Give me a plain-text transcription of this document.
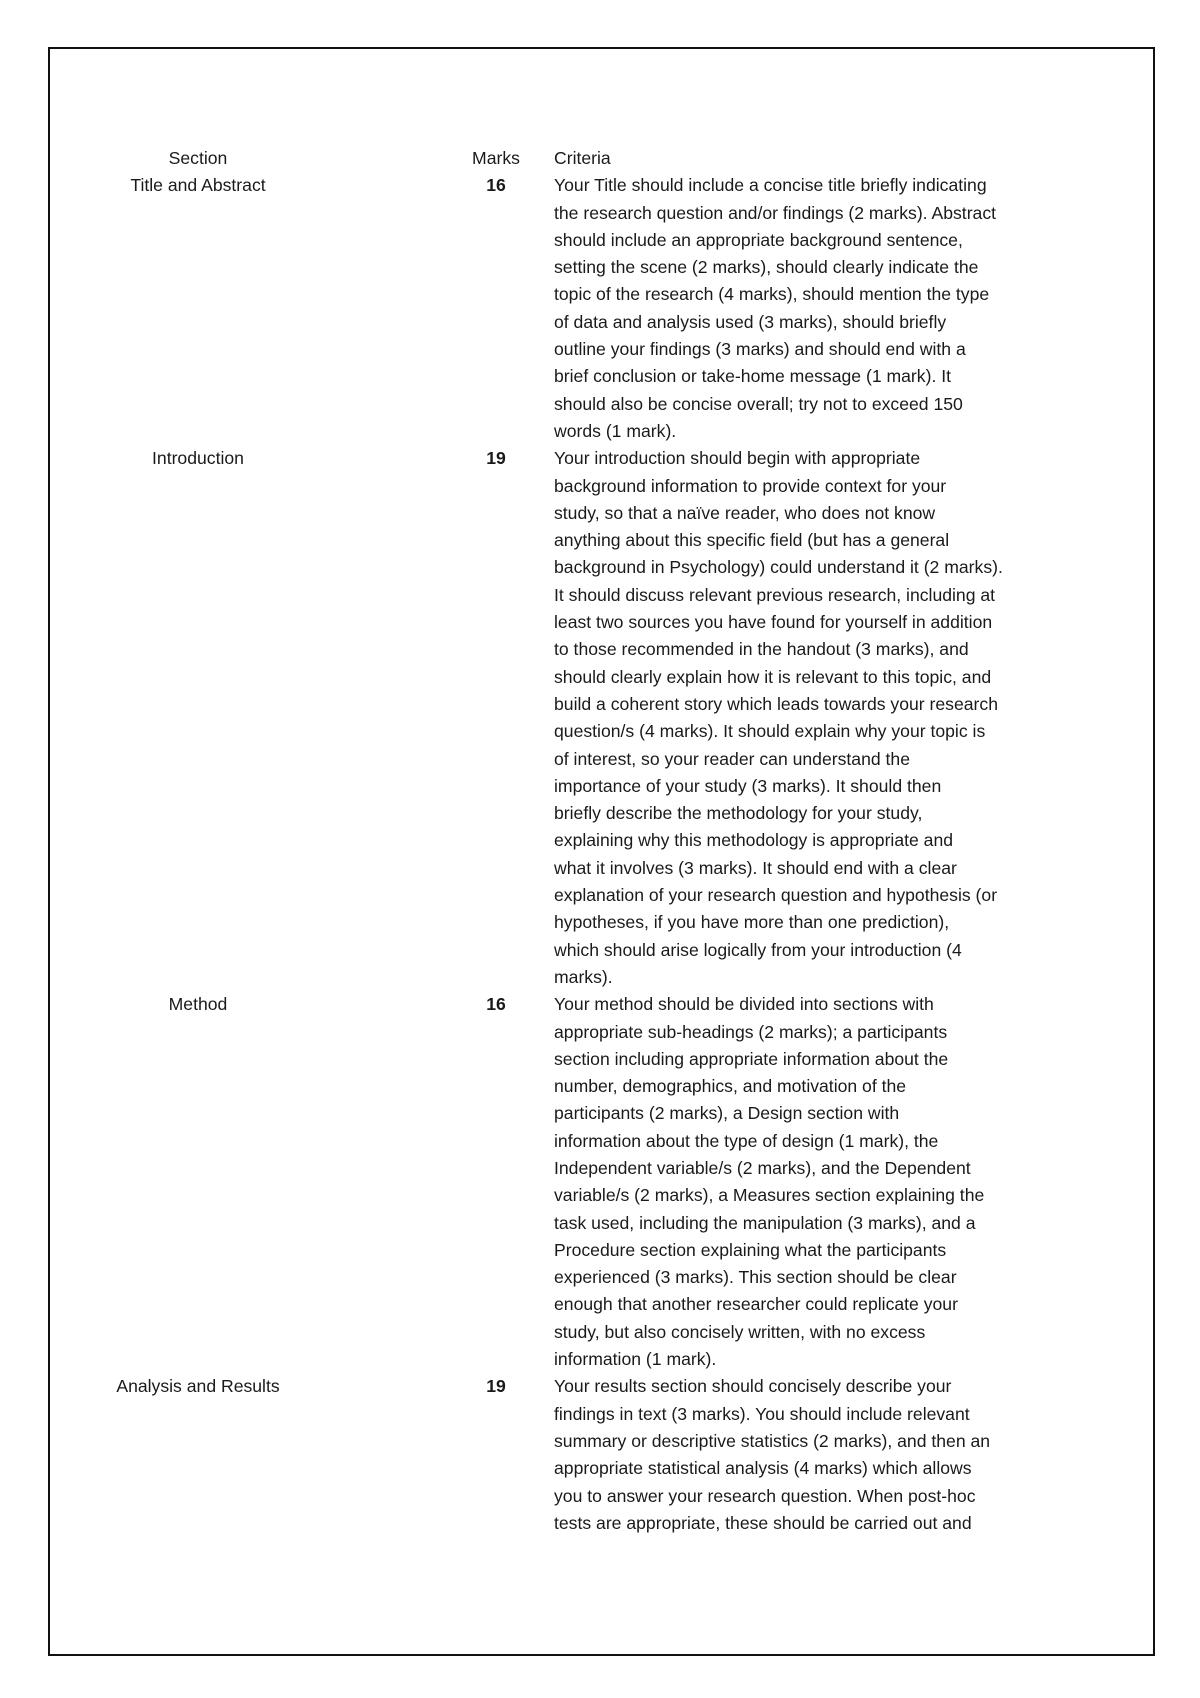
Section	Marks	Criteria
Title and Abstract	16	Your Title should include a concise title briefly indicating

the research question and/or findings (2 marks). Abstract

should include an appropriate background sentence,

setting the scene (2 marks), should clearly indicate the

topic of the research (4 marks), should mention the type

of data and analysis used (3 marks), should briefly

outline your findings (3 marks) and should end with a

brief conclusion or take-home message (1 mark). It

should also be concise overall; try not to exceed 150

words (1 mark).

Introduction	19	Your introduction should begin with appropriate

background information to provide context for your

study, so that a naïve reader, who does not know

anything about this specific field (but has a general

background in Psychology) could understand it (2 marks).

It should discuss relevant previous research, including at

least two sources you have found for yourself in addition

to those recommended in the handout (3 marks), and

should clearly explain how it is relevant to this topic, and

build a coherent story which leads towards your research

question/s (4 marks). It should explain why your topic is

of interest, so your reader can understand the

importance of your study (3 marks). It should then

briefly describe the methodology for your study,

explaining why this methodology is appropriate and

what it involves (3 marks). It should end with a clear

explanation of your research question and hypothesis (or

hypotheses, if you have more than one prediction),

which should arise logically from your introduction (4

marks).

Method	16	Your method should be divided into sections with

appropriate sub-headings (2 marks); a participants

section including appropriate information about the

number, demographics, and motivation of the

participants (2 marks), a Design section with

information about the type of design (1 mark), the

Independent variable/s (2 marks), and the Dependent

variable/s (2 marks), a Measures section explaining the

task used, including the manipulation (3 marks), and a

Procedure section explaining what the participants

experienced (3 marks). This section should be clear

enough that another researcher could replicate your

study, but also concisely written, with no excess

information (1 mark).

Analysis and Results	19	Your results section should concisely describe your

findings in text (3 marks). You should include relevant

summary or descriptive statistics (2 marks), and then an

appropriate statistical analysis (4 marks) which allows

you to answer your research question. When post-hoc

tests are appropriate, these should be carried out and
